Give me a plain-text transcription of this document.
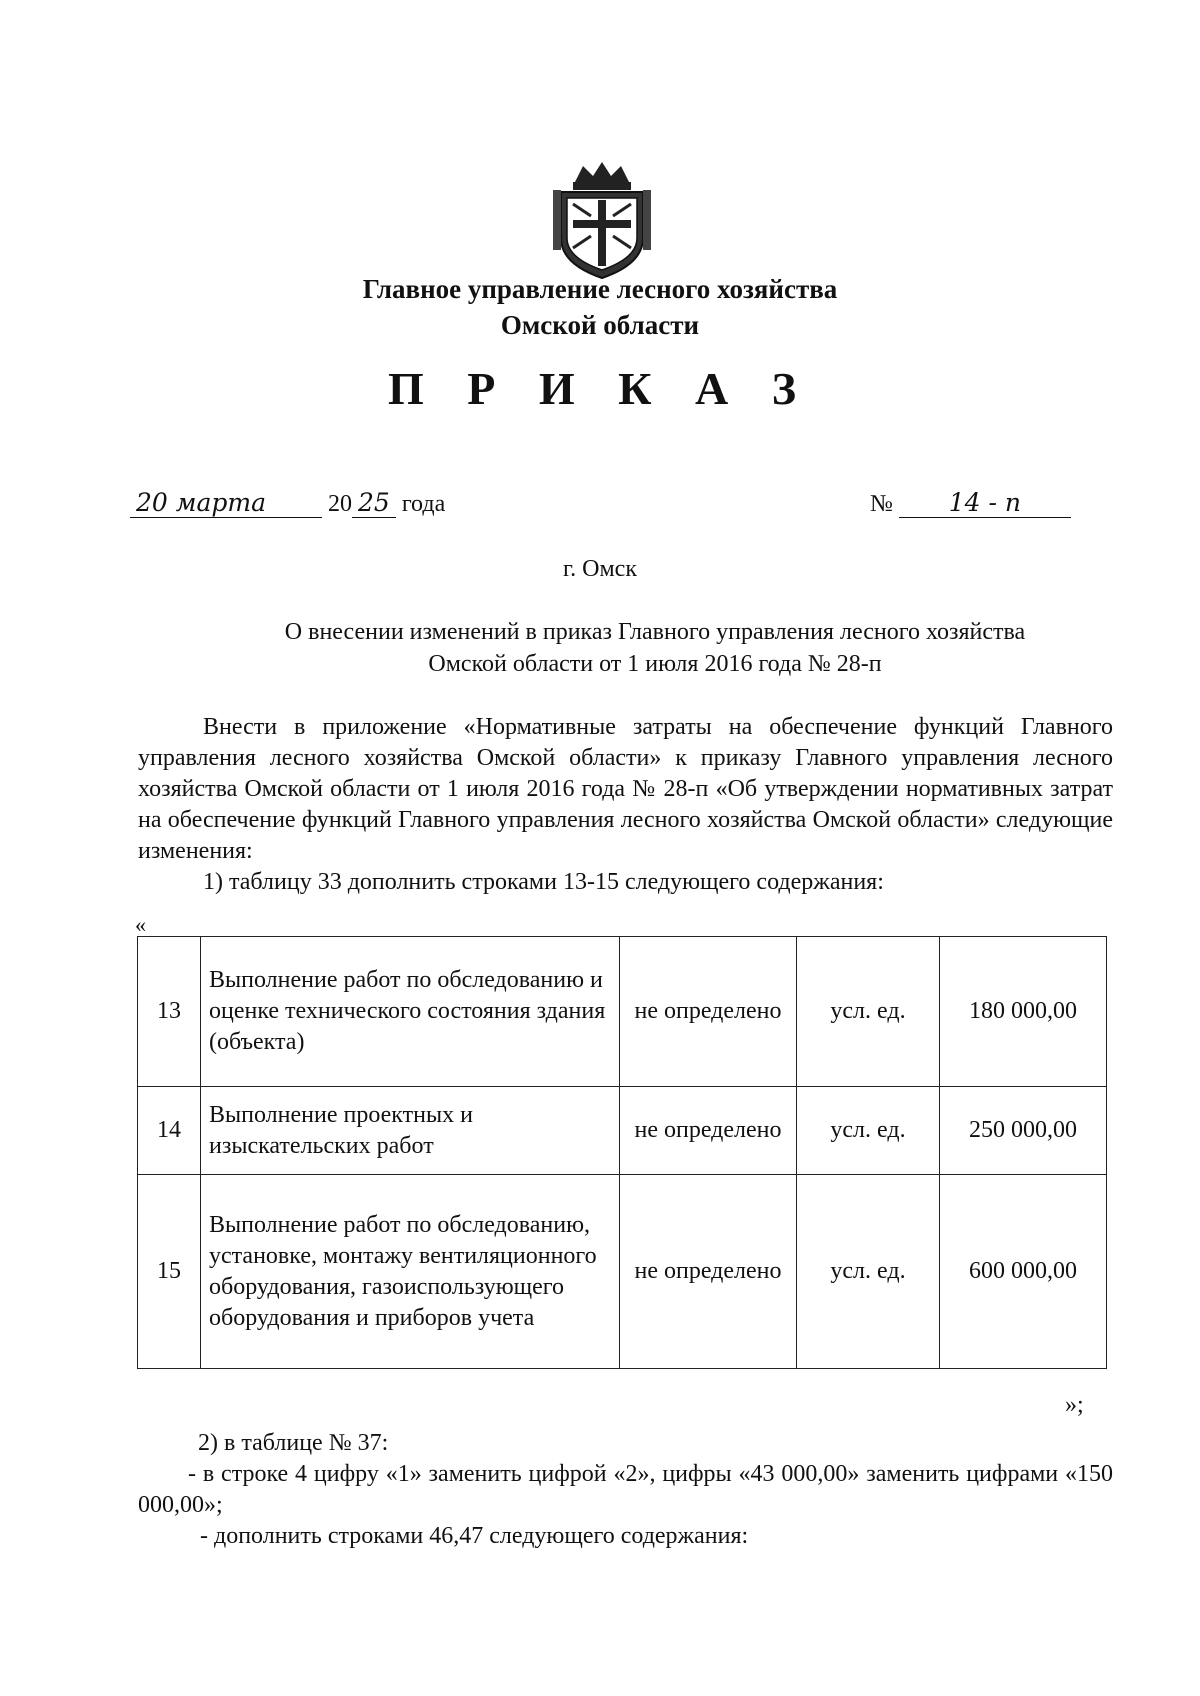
Главное управление лесного хозяйства
Омской области
П Р И К А З
20 марта	20 25 года	№ 14 - п
г. Омск
О внесении изменений в приказ Главного управления лесного хозяйства
Омской области от 1 июля 2016 года № 28-п

Внести в приложение «Нормативные затраты на обеспечение функций Главного управления лесного хозяйства Омской области» к приказу Главного управления лесного хозяйства Омской области от 1 июля 2016 года № 28-п «Об утверждении нормативных затрат на обеспечение функций Главного управления лесного хозяйства Омской области» следующие изменения:

1) таблицу 33 дополнить строками 13-15 следующего содержания:

«
13	Выполнение работ по обследованию и оценке технического состояния здания (объекта)	не определено	усл. ед.	180 000,00
14	Выполнение проектных и изыскательских работ	не определено	усл. ед.	250 000,00
15	Выполнение работ по обследованию, установке, монтажу вентиляционного оборудования, газоиспользующего оборудования и приборов учета	не определено	усл. ед.	600 000,00
»;

2) в таблице № 37:

- в строке 4 цифру «1» заменить цифрой «2», цифры «43 000,00» заменить цифрами «150 000,00»;

- дополнить строками 46,47 следующего содержания:
